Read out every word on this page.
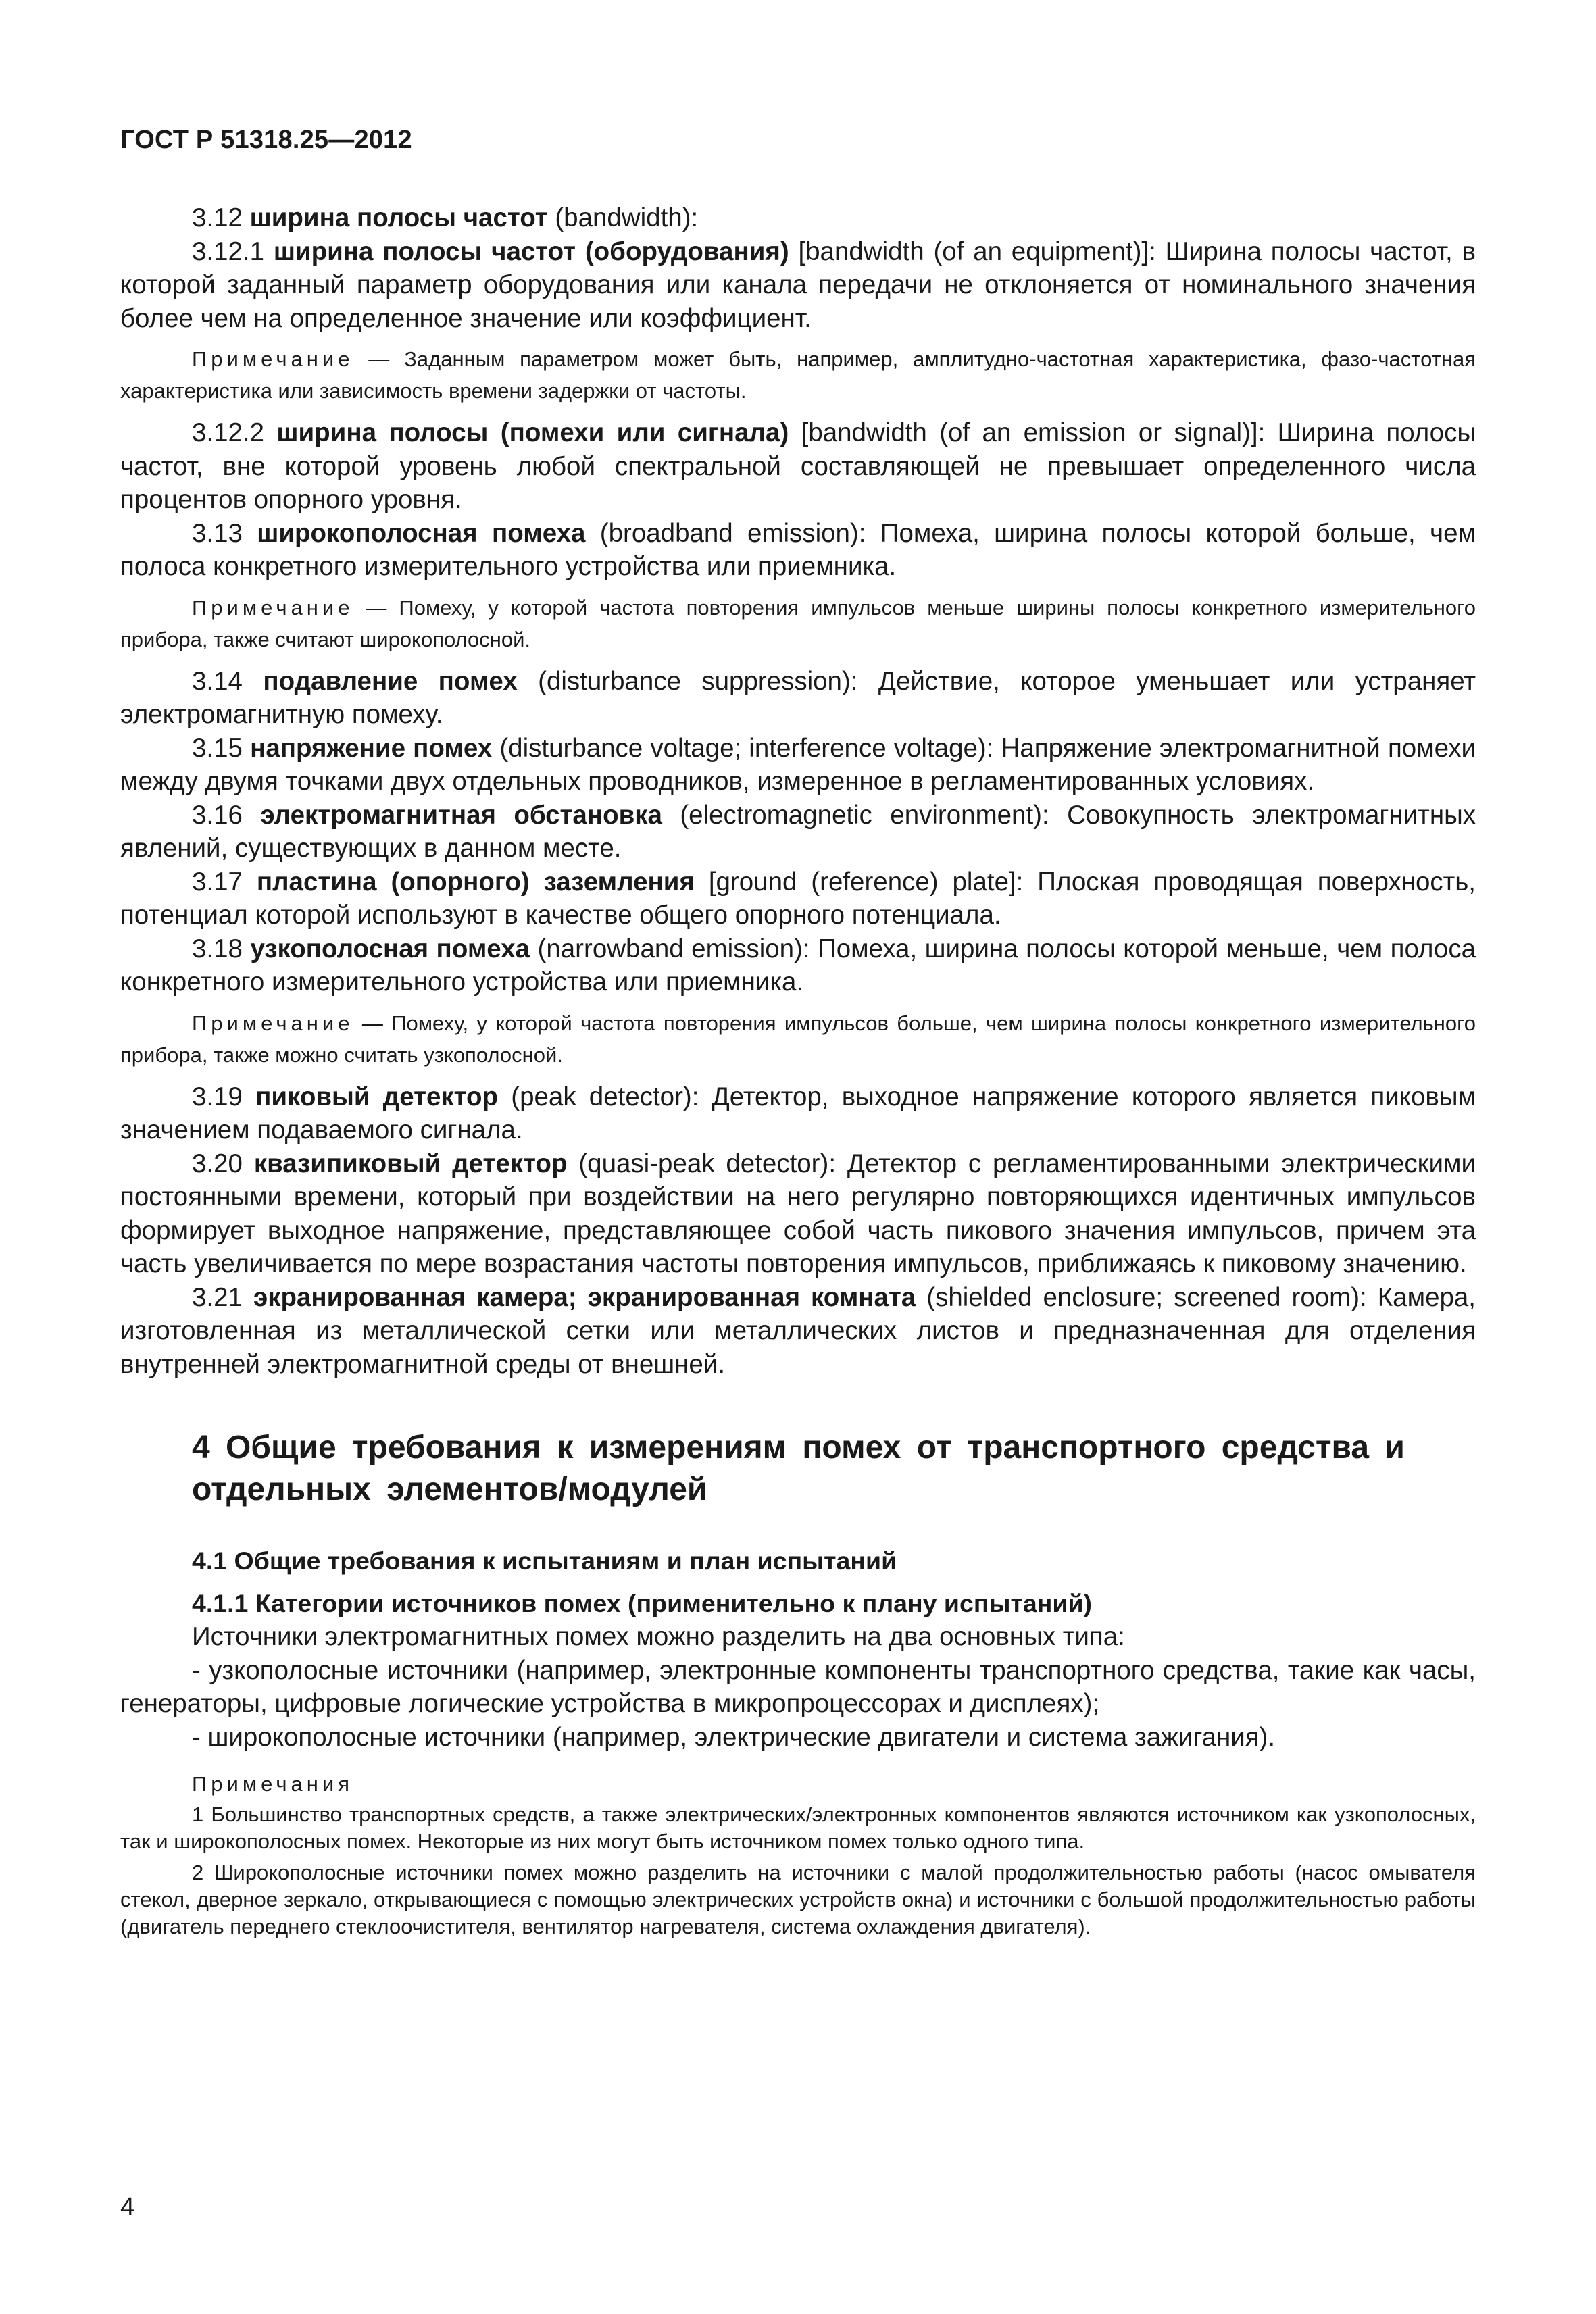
ГОСТ Р 51318.25—2012

3.12 ширина полосы частот (bandwidth):

3.12.1 ширина полосы частот (оборудования) [bandwidth (of an equipment)]: Ширина полосы частот, в которой заданный параметр оборудования или канала передачи не отклоняется от номинального значения более чем на определенное значение или коэффициент.

Примечание — Заданным параметром может быть, например, амплитудно-частотная характеристика, фазо-частотная характеристика или зависимость времени задержки от частоты.

3.12.2 ширина полосы (помехи или сигнала) [bandwidth (of an emission or signal)]: Ширина полосы частот, вне которой уровень любой спектральной составляющей не превышает определенного числа процентов опорного уровня.

3.13 широкополосная помеха (broadband emission): Помеха, ширина полосы которой больше, чем полоса конкретного измерительного устройства или приемника.

Примечание — Помеху, у которой частота повторения импульсов меньше ширины полосы конкретного измерительного прибора, также считают широкополосной.

3.14 подавление помех (disturbance suppression): Действие, которое уменьшает или устраняет электромагнитную помеху.

3.15 напряжение помех (disturbance voltage; interference voltage): Напряжение электромагнитной помехи между двумя точками двух отдельных проводников, измеренное в регламентированных условиях.

3.16 электромагнитная обстановка (electromagnetic environment): Совокупность электромагнитных явлений, существующих в данном месте.

3.17 пластина (опорного) заземления [ground (reference) plate]: Плоская проводящая поверхность, потенциал которой используют в качестве общего опорного потенциала.

3.18 узкополосная помеха (narrowband emission): Помеха, ширина полосы которой меньше, чем полоса конкретного измерительного устройства или приемника.

Примечание — Помеху, у которой частота повторения импульсов больше, чем ширина полосы конкретного измерительного прибора, также можно считать узкополосной.

3.19 пиковый детектор (peak detector): Детектор, выходное напряжение которого является пиковым значением подаваемого сигнала.

3.20 квазипиковый детектор (quasi-peak detector): Детектор с регламентированными электрическими постоянными времени, который при воздействии на него регулярно повторяющихся идентичных импульсов формирует выходное напряжение, представляющее собой часть пикового значения импульсов, причем эта часть увеличивается по мере возрастания частоты повторения импульсов, приближаясь к пиковому значению.

3.21 экранированная камера; экранированная комната (shielded enclosure; screened room): Камера, изготовленная из металлической сетки или металлических листов и предназначенная для отделения внутренней электромагнитной среды от внешней.

4 Общие требования к измерениям помех от транспортного средства и отдельных элементов/модулей

4.1 Общие требования к испытаниям и план испытаний

4.1.1 Категории источников помех (применительно к плану испытаний)

Источники электромагнитных помех можно разделить на два основных типа:

- узкополосные источники (например, электронные компоненты транспортного средства, такие как часы, генераторы, цифровые логические устройства в микропроцессорах и дисплеях);

- широкополосные источники (например, электрические двигатели и система зажигания).

Примечания

1 Большинство транспортных средств, а также электрических/электронных компонентов являются источником как узкополосных, так и широкополосных помех. Некоторые из них могут быть источником помех только одного типа.

2 Широкополосные источники помех можно разделить на источники с малой продолжительностью работы (насос омывателя стекол, дверное зеркало, открывающиеся с помощью электрических устройств окна) и источники с большой продолжительностью работы (двигатель переднего стеклоочистителя, вентилятор нагревателя, система охлаждения двигателя).

4
